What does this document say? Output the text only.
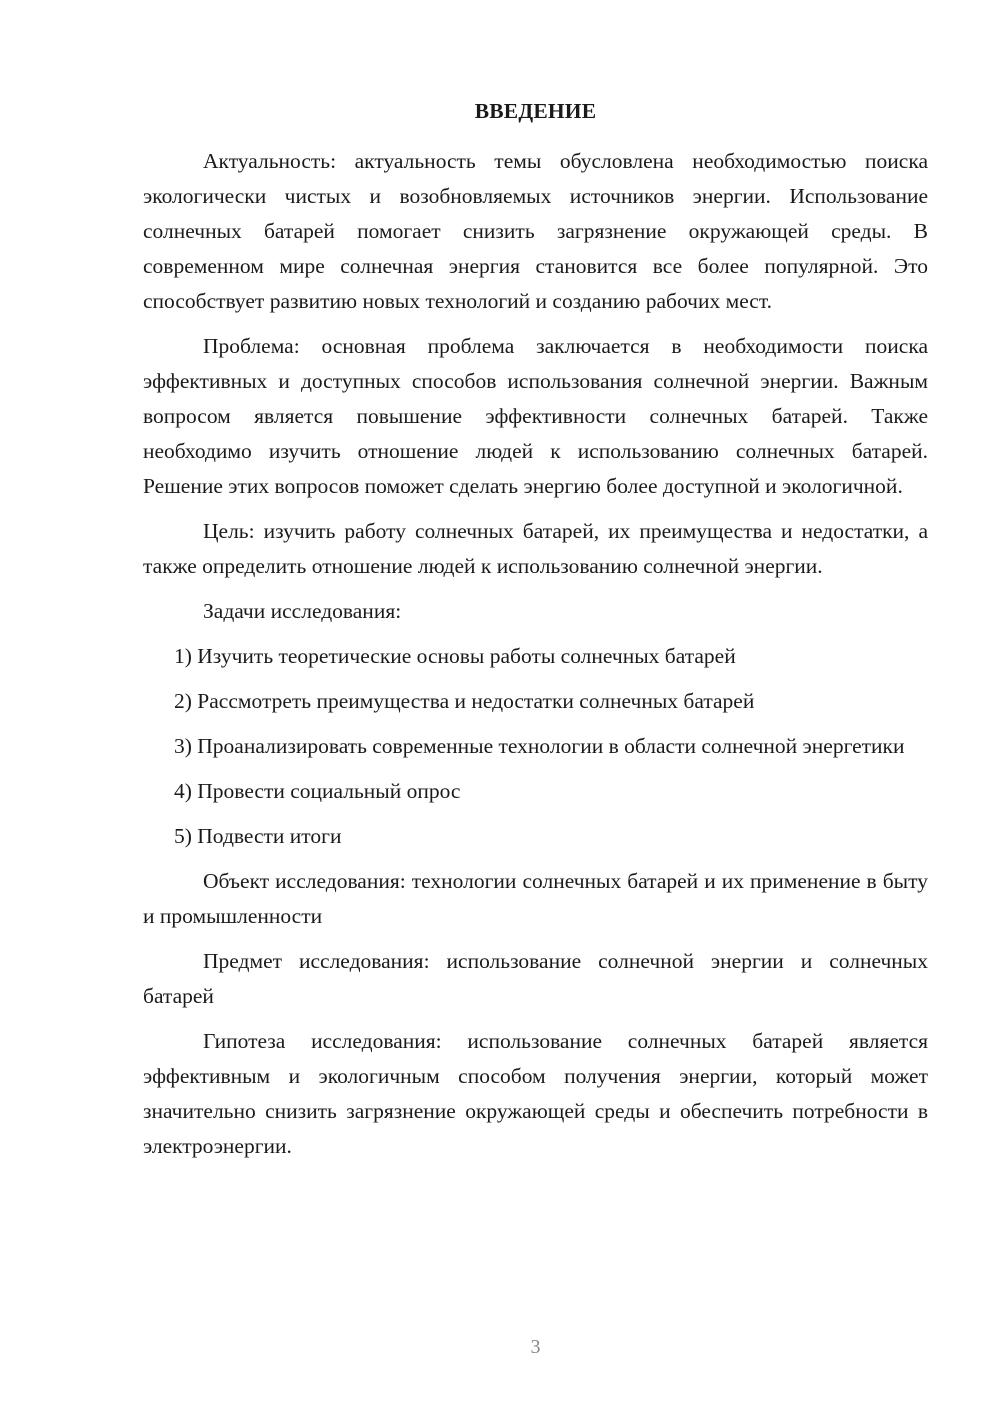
ВВЕДЕНИЕ

Актуальность: актуальность темы обусловлена необходимостью поиска экологически чистых и возобновляемых источников энергии. Использование солнечных батарей помогает снизить загрязнение окружающей среды. В современном мире солнечная энергия становится все более популярной. Это способствует развитию новых технологий и созданию рабочих мест.

Проблема: основная проблема заключается в необходимости поиска эффективных и доступных способов использования солнечной энергии. Важным вопросом является повышение эффективности солнечных батарей. Также необходимо изучить отношение людей к использованию солнечных батарей. Решение этих вопросов поможет сделать энергию более доступной и экологичной.

Цель: изучить работу солнечных батарей, их преимущества и недостатки, а также определить отношение людей к использованию солнечной энергии.

Задачи исследования:

1) Изучить теоретические основы работы солнечных батарей

2) Рассмотреть преимущества и недостатки солнечных батарей

3) Проанализировать современные технологии в области солнечной энергетики

4) Провести социальный опрос

5) Подвести итоги

Объект исследования: технологии солнечных батарей и их применение в быту и промышленности

Предмет исследования: использование солнечной энергии и солнечных батарей

Гипотеза исследования: использование солнечных батарей является эффективным и экологичным способом получения энергии, который может значительно снизить загрязнение окружающей среды и обеспечить потребности в электроэнергии.

3
